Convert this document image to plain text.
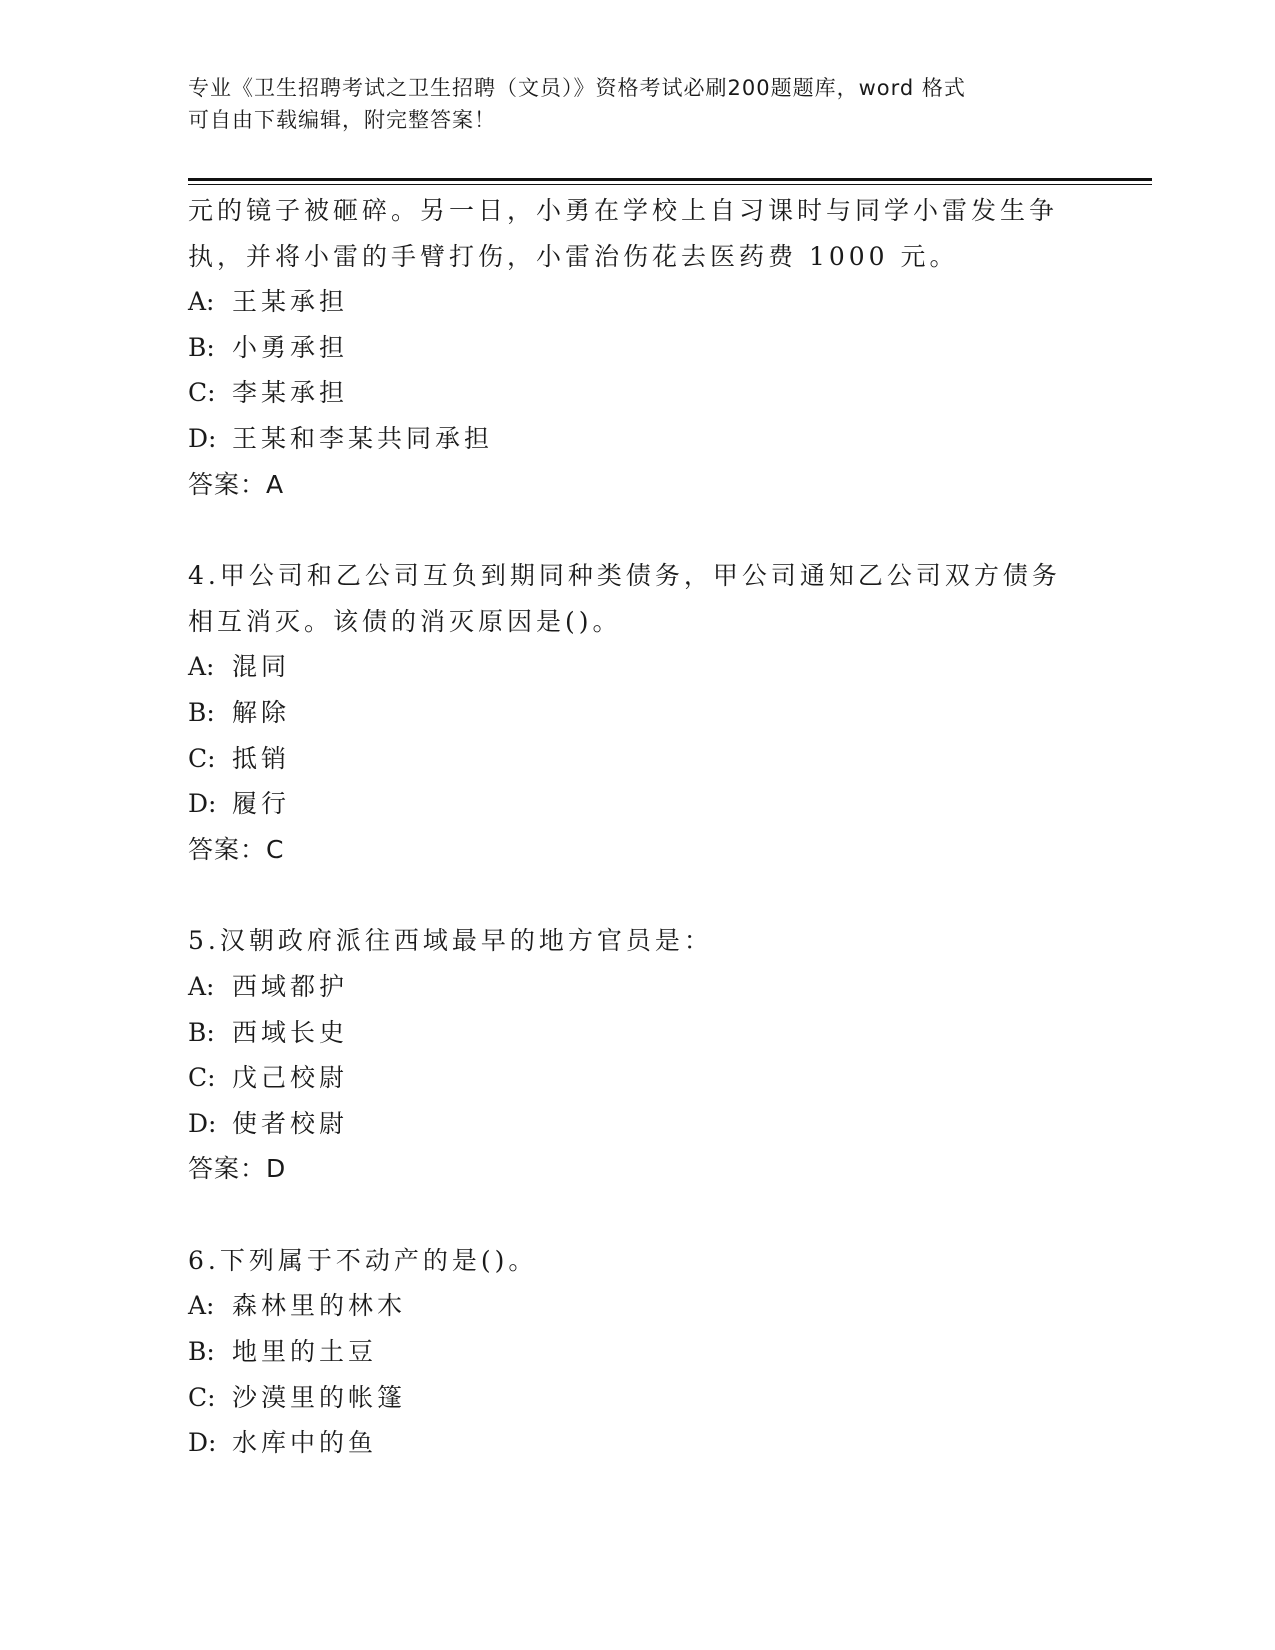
专业《卫生招聘考试之卫生招聘（文员）》资格考试必刷200题题库，word 格式
可自由下载编辑，附完整答案！
元的镜子被砸碎。另一日，小勇在学校上自习课时与同学小雷发生争
执，并将小雷的手臂打伤，小雷治伤花去医药费 1000 元。
A: 王某承担
B: 小勇承担
C: 李某承担
D: 王某和李某共同承担
答案：A
4.甲公司和乙公司互负到期同种类债务，甲公司通知乙公司双方债务
相互消灭。该债的消灭原因是()。
A: 混同
B: 解除
C: 抵销
D: 履行
答案：C
5.汉朝政府派往西域最早的地方官员是：
A: 西域都护
B: 西域长史
C: 戊己校尉
D: 使者校尉
答案：D
6.下列属于不动产的是()。
A: 森林里的林木
B: 地里的土豆
C: 沙漠里的帐篷
D: 水库中的鱼
